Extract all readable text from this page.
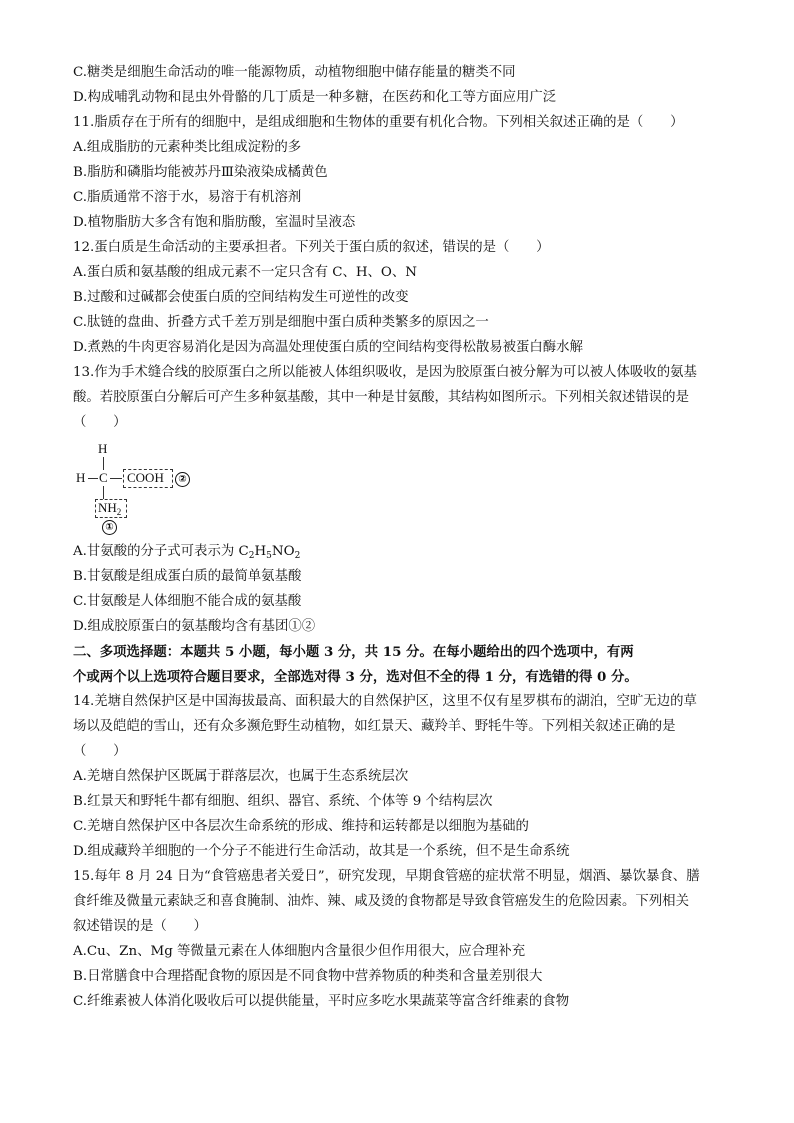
C.糖类是细胞生命活动的唯一能源物质，动植物细胞中储存能量的糖类不同
D.构成哺乳动物和昆虫外骨骼的几丁质是一种多糖，在医药和化工等方面应用广泛
11.脂质存在于所有的细胞中，是组成细胞和生物体的重要有机化合物。下列相关叙述正确的是（　　）
A.组成脂肪的元素种类比组成淀粉的多
B.脂肪和磷脂均能被苏丹Ⅲ染液染成橘黄色
C.脂质通常不溶于水，易溶于有机溶剂
D.植物脂肪大多含有饱和脂肪酸，室温时呈液态
12.蛋白质是生命活动的主要承担者。下列关于蛋白质的叙述，错误的是（　　）
A.蛋白质和氨基酸的组成元素不一定只含有 C、H、O、N
B.过酸和过碱都会使蛋白质的空间结构发生可逆性的改变
C.肽链的盘曲、折叠方式千差万别是细胞中蛋白质种类繁多的原因之一
D.煮熟的牛肉更容易消化是因为高温处理使蛋白质的空间结构变得松散易被蛋白酶水解
13.作为手术缝合线的胶原蛋白之所以能被人体组织吸收，是因为胶原蛋白被分解为可以被人体吸收的氨基
酸。若胶原蛋白分解后可产生多种氨基酸，其中一种是甘氨酸，其结构如图所示。下列相关叙述错误的是
（　　）
H
H C COOH	②
$NH_2$
①
A.甘氨酸的分子式可表示为 $C_2H_5NO_2$
B.甘氨酸是组成蛋白质的最简单氨基酸
C.甘氨酸是人体细胞不能合成的氨基酸
D.组成胶原蛋白的氨基酸均含有基团①②
二、多项选择题：本题共 5 小题，每小题 3 分，共 15 分。在每小题给出的四个选项中，有两
个或两个以上选项符合题目要求，全部选对得 3 分，选对但不全的得 1 分，有选错的得 0 分。
14.羌塘自然保护区是中国海拔最高、面积最大的自然保护区，这里不仅有星罗棋布的湖泊，空旷无边的草
场以及皑皑的雪山，还有众多濒危野生动植物，如红景天、藏羚羊、野牦牛等。下列相关叙述正确的是
（　　）
A.羌塘自然保护区既属于群落层次，也属于生态系统层次
B.红景天和野牦牛都有细胞、组织、器官、系统、个体等 9 个结构层次
C.羌塘自然保护区中各层次生命系统的形成、维持和运转都是以细胞为基础的
D.组成藏羚羊细胞的一个分子不能进行生命活动，故其是一个系统，但不是生命系统
15.每年 8 月 24 日为“食管癌患者关爱日”，研究发现，早期食管癌的症状常不明显，烟酒、暴饮暴食、膳
食纤维及微量元素缺乏和喜食腌制、油炸、辣、咸及烫的食物都是导致食管癌发生的危险因素。下列相关
叙述错误的是（　　）
A.Cu、Zn、Mg 等微量元素在人体细胞内含量很少但作用很大，应合理补充
B.日常膳食中合理搭配食物的原因是不同食物中营养物质的种类和含量差别很大
C.纤维素被人体消化吸收后可以提供能量，平时应多吃水果蔬菜等富含纤维素的食物
